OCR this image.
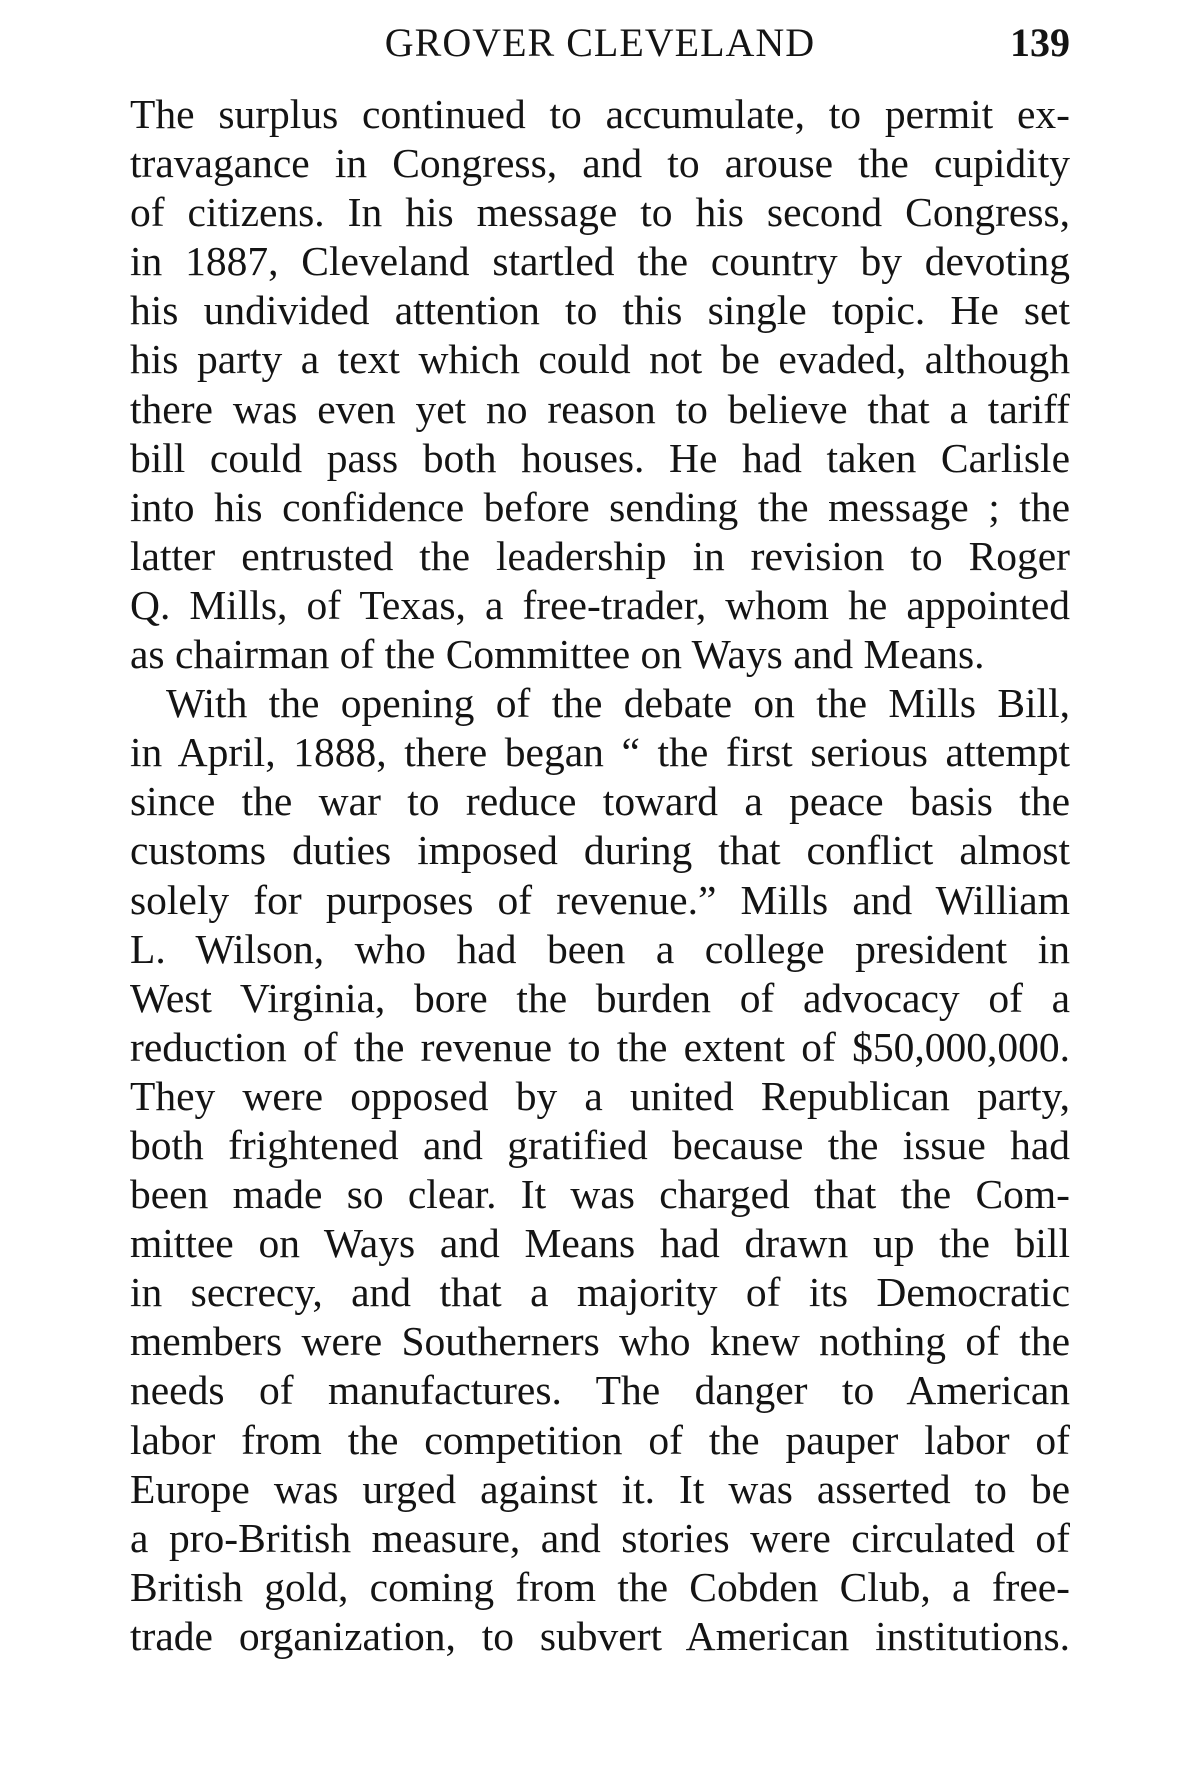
GROVER CLEVELAND	139
The surplus continued to accumulate, to permit ex-
travagance in Congress, and to arouse the cupidity
of citizens. In his message to his second Congress,
in 1887, Cleveland startled the country by devoting
his undivided attention to this single topic. He set
his party a text which could not be evaded, although
there was even yet no reason to believe that a tariff
bill could pass both houses. He had taken Carlisle
into his confidence before sending the message ; the
latter entrusted the leadership in revision to Roger
Q. Mills, of Texas, a free-trader, whom he appointed
as chairman of the Committee on Ways and Means.
With the opening of the debate on the Mills Bill,
in April, 1888, there began “ the first serious attempt
since the war to reduce toward a peace basis the
customs duties imposed during that conflict almost
solely for purposes of revenue.” Mills and William
L. Wilson, who had been a college president in
West Virginia, bore the burden of advocacy of a
reduction of the revenue to the extent of $50,000,000.
They were opposed by a united Republican party,
both frightened and gratified because the issue had
been made so clear. It was charged that the Com-
mittee on Ways and Means had drawn up the bill
in secrecy, and that a majority of its Democratic
members were Southerners who knew nothing of the
needs of manufactures. The danger to American
labor from the competition of the pauper labor of
Europe was urged against it. It was asserted to be
a pro-British measure, and stories were circulated of
British gold, coming from the Cobden Club, a free-
trade organization, to subvert American institutions.
